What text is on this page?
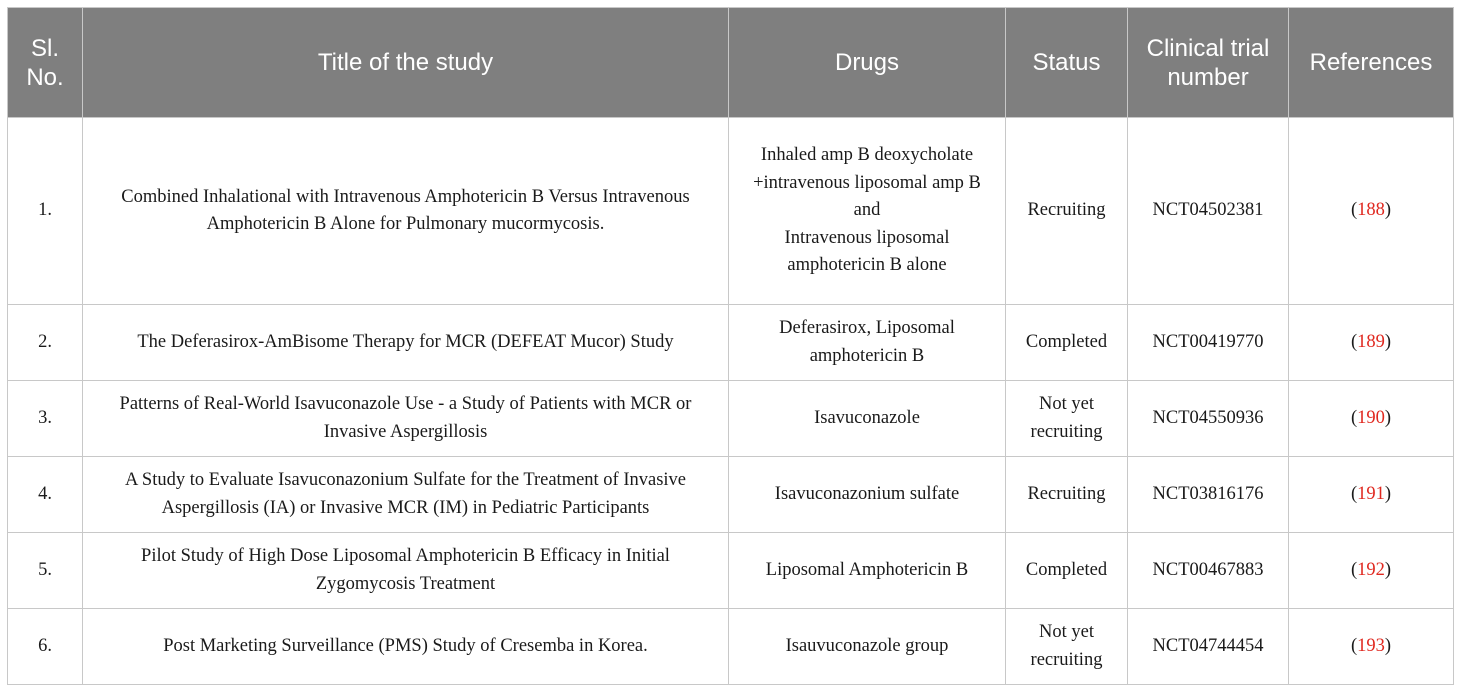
Sl. No.	Title of the study	Drugs	Status	Clinical trial number	References
1.	Combined Inhalational with Intravenous Amphotericin B Versus Intravenous Amphotericin B Alone for Pulmonary mucormycosis.	Inhaled amp B deoxycholate +intravenous liposomal amp B
and
Intravenous liposomal amphotericin B alone	Recruiting	NCT04502381	(188)
2.	The Deferasirox-AmBisome Therapy for MCR (DEFEAT Mucor) Study	Deferasirox, Liposomal amphotericin B	Completed	NCT00419770	(189)
3.	Patterns of Real-World Isavuconazole Use - a Study of Patients with MCR or Invasive Aspergillosis	Isavuconazole	Not yet recruiting	NCT04550936	(190)
4.	A Study to Evaluate Isavuconazonium Sulfate for the Treatment of Invasive Aspergillosis (IA) or Invasive MCR (IM) in Pediatric Participants	Isavuconazonium sulfate	Recruiting	NCT03816176	(191)
5.	Pilot Study of High Dose Liposomal Amphotericin B Efficacy in Initial Zygomycosis Treatment	Liposomal Amphotericin B	Completed	NCT00467883	(192)
6.	Post Marketing Surveillance (PMS) Study of Cresemba in Korea.	Isauvuconazole group	Not yet recruiting	NCT04744454	(193)
